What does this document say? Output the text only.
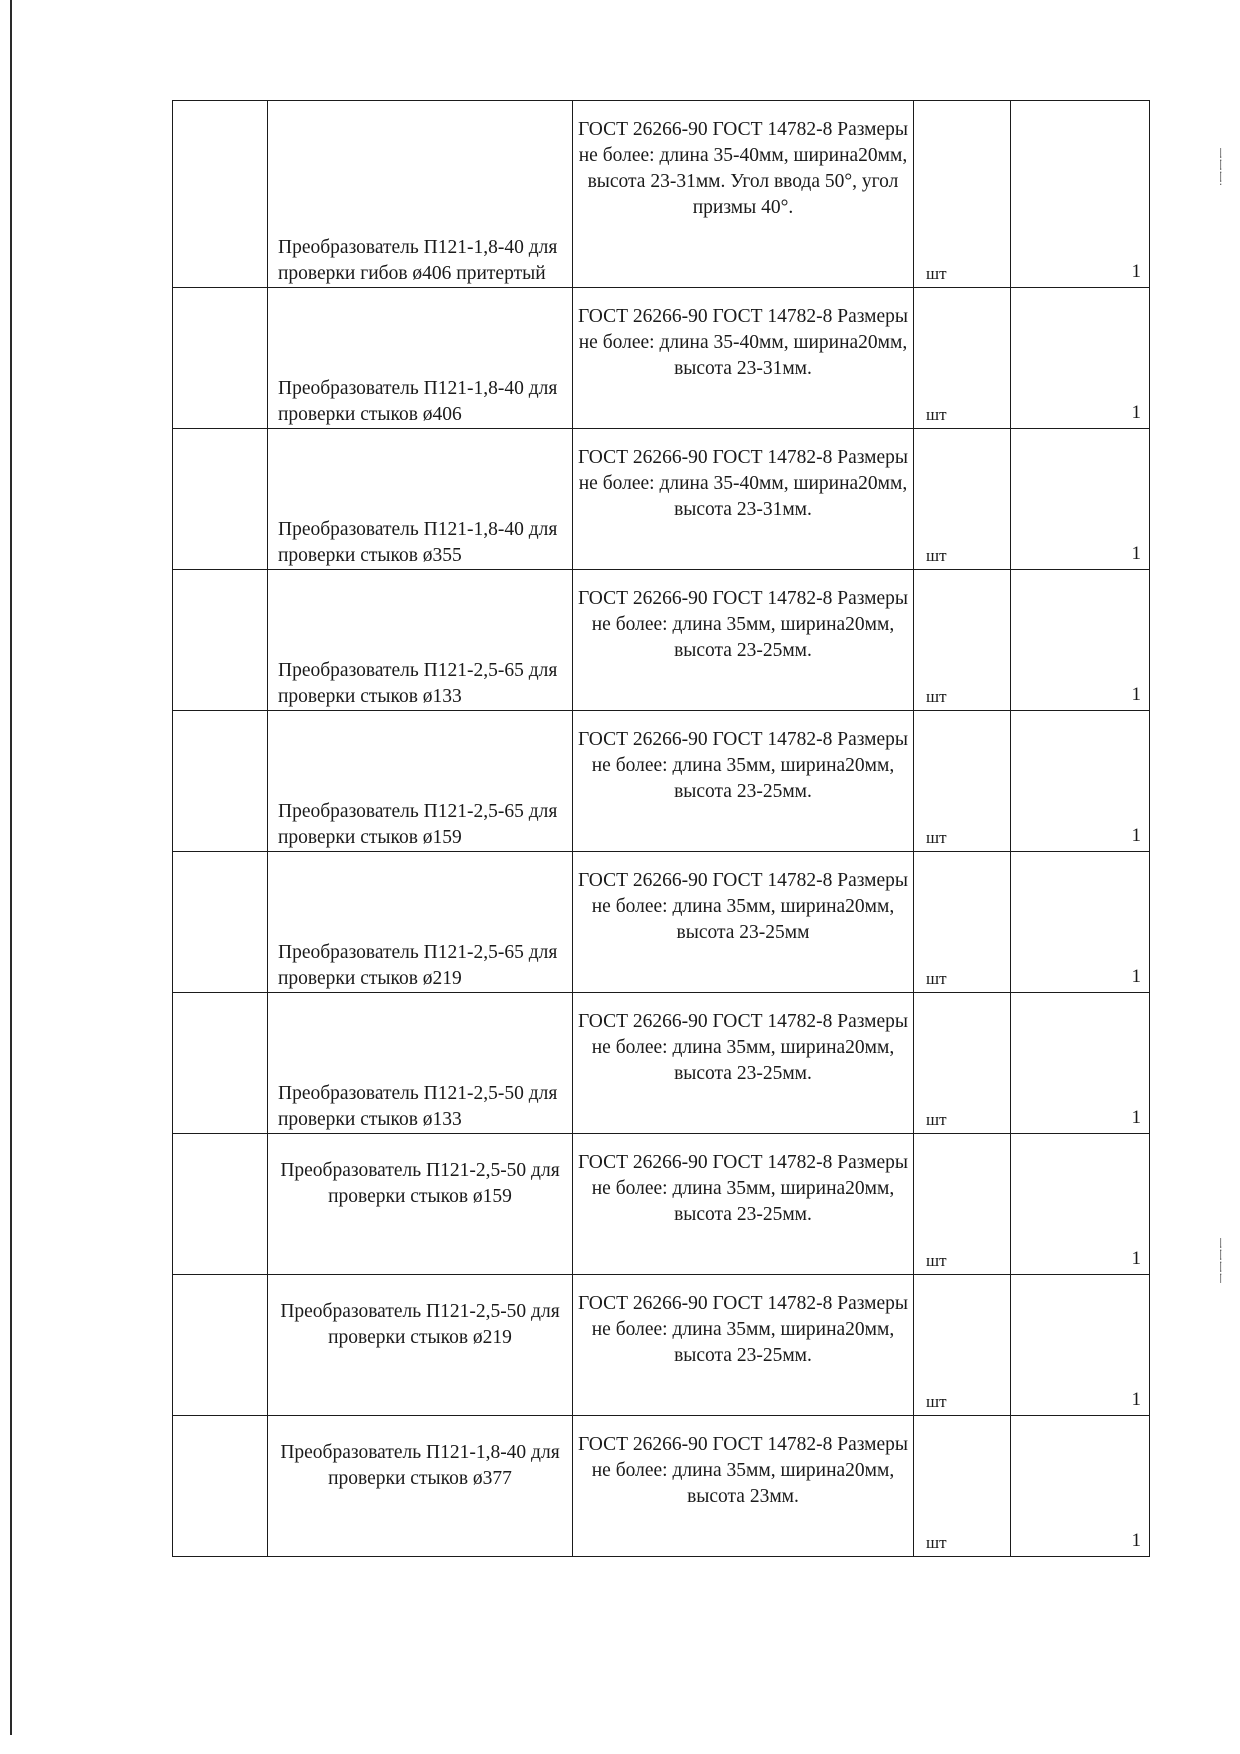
|
:
|
:
|
:
|
:
|
:
|
:
|

	Преобразователь П121-1,8-40 для проверки гибов ø406 притертый	ГОСТ 26266-90 ГОСТ 14782-8 Размеры не более: длина 35-40мм, ширина20мм, высота 23-31мм. Угол ввода 50°, угол призмы 40°.	шт	1

	Преобразователь П121-1,8-40 для проверки стыков ø406	ГОСТ 26266-90 ГОСТ 14782-8 Размеры не более: длина 35-40мм, ширина20мм, высота 23-31мм.	шт	1

	Преобразователь П121-1,8-40 для проверки стыков ø355	ГОСТ 26266-90 ГОСТ 14782-8 Размеры не более: длина 35-40мм, ширина20мм, высота 23-31мм.	шт	1

	Преобразователь П121-2,5-65 для проверки стыков ø133	ГОСТ 26266-90 ГОСТ 14782-8 Размеры не более: длина 35мм, ширина20мм, высота 23-25мм.	шт	1

	Преобразователь П121-2,5-65 для проверки стыков ø159	ГОСТ 26266-90 ГОСТ 14782-8 Размеры не более: длина 35мм, ширина20мм, высота 23-25мм.	шт	1

	Преобразователь П121-2,5-65 для проверки стыков ø219	ГОСТ 26266-90 ГОСТ 14782-8 Размеры не более: длина 35мм, ширина20мм, высота 23-25мм	шт	1

	Преобразователь П121-2,5-50 для проверки стыков ø133	ГОСТ 26266-90 ГОСТ 14782-8 Размеры не более: длина 35мм, ширина20мм, высота 23-25мм.	шт	1

	Преобразователь П121-2,5-50 для проверки стыков ø159	ГОСТ 26266-90 ГОСТ 14782-8 Размеры не более: длина 35мм, ширина20мм, высота 23-25мм.	шт	1

	Преобразователь П121-2,5-50 для проверки стыков ø219	ГОСТ 26266-90 ГОСТ 14782-8 Размеры не более: длина 35мм, ширина20мм, высота 23-25мм.	шт	1

	Преобразователь П121-1,8-40 для проверки стыков ø377	ГОСТ 26266-90 ГОСТ 14782-8 Размеры не более: длина 35мм, ширина20мм, высота 23мм.	шт	1
